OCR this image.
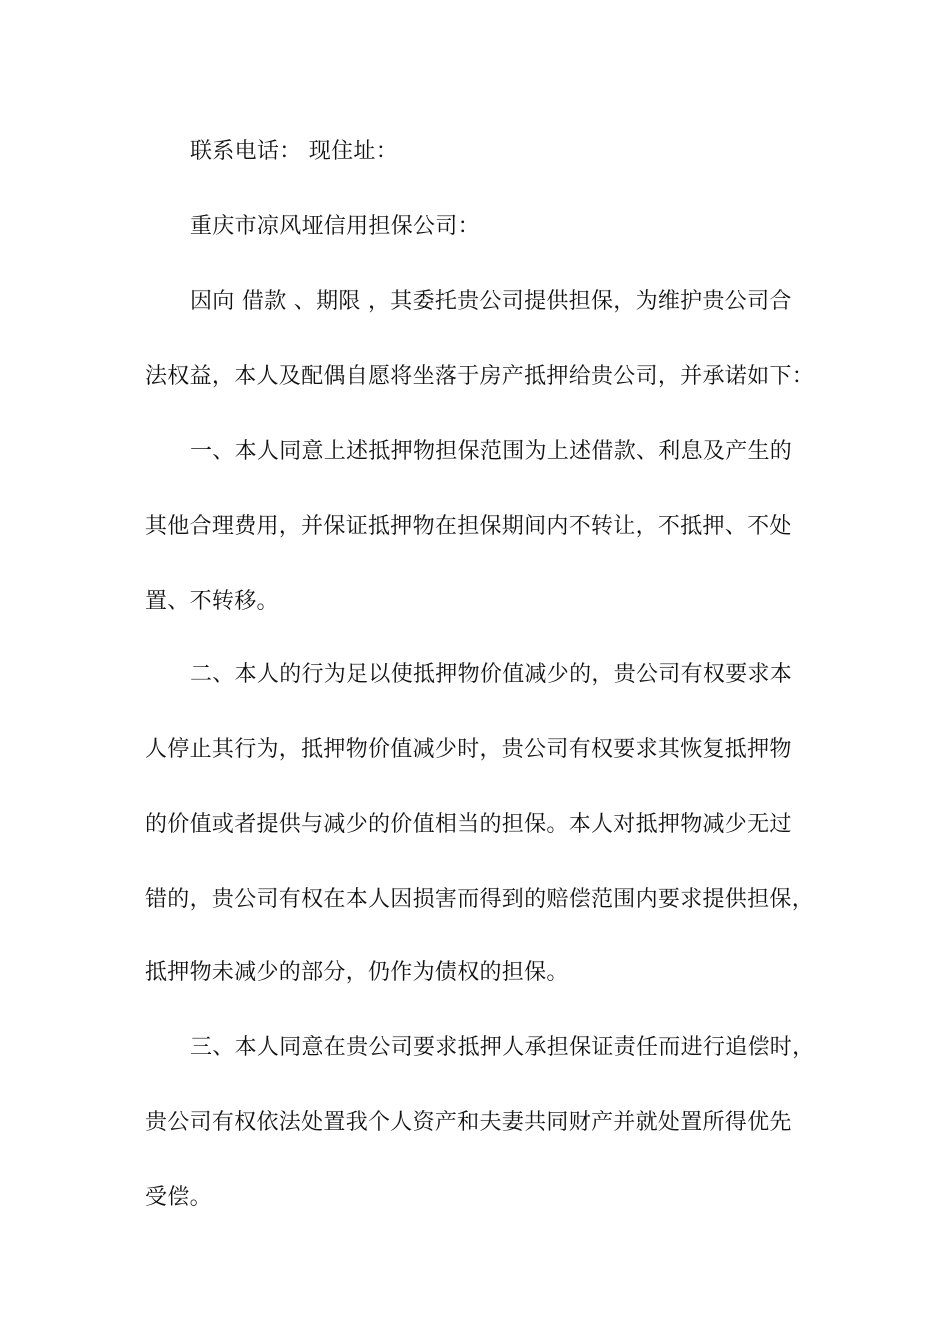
联系电话： 现住址：
重庆市凉风垭信用担保公司：
因向 借款 、期限 ，其委托贵公司提供担保，为维护贵公司合
法权益，本人及配偶自愿将坐落于房产抵押给贵公司，并承诺如下：
一、本人同意上述抵押物担保范围为上述借款、利息及产生的
其他合理费用，并保证抵押物在担保期间内不转让，不抵押、不处
置、不转移。
二、本人的行为足以使抵押物价值减少的，贵公司有权要求本
人停止其行为，抵押物价值减少时，贵公司有权要求其恢复抵押物
的价值或者提供与减少的价值相当的担保。本人对抵押物减少无过
错的，贵公司有权在本人因损害而得到的赔偿范围内要求提供担保，
抵押物未减少的部分，仍作为债权的担保。
三、本人同意在贵公司要求抵押人承担保证责任而进行追偿时，
贵公司有权依法处置我个人资产和夫妻共同财产并就处置所得优先
受偿。
